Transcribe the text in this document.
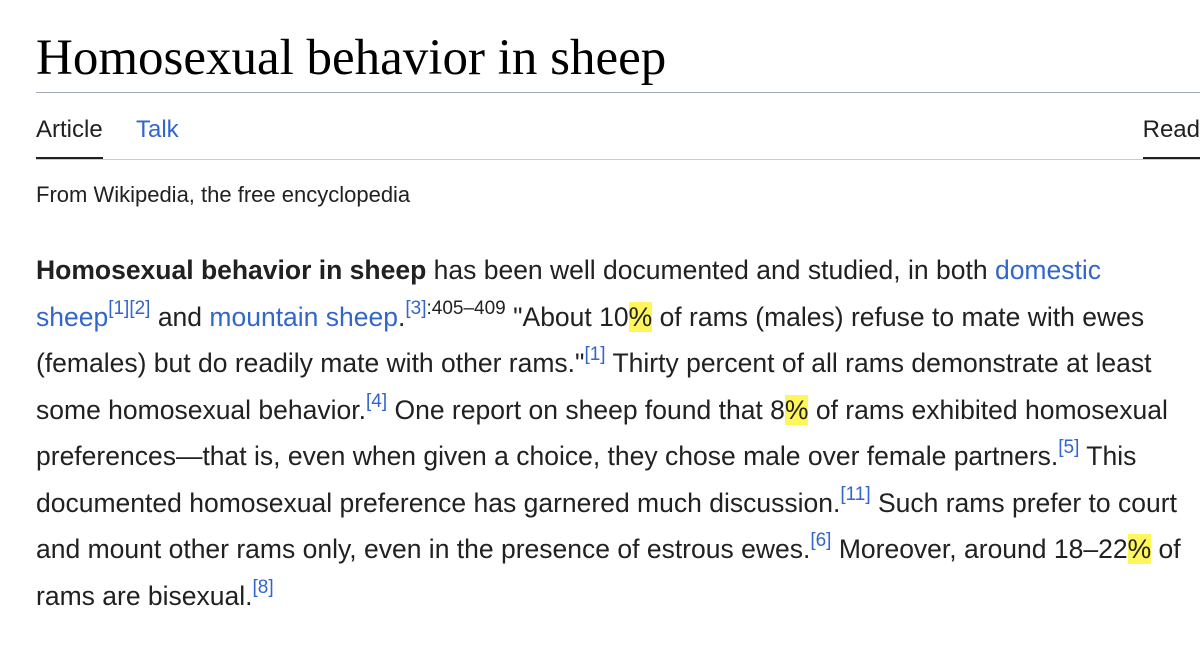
Homosexual behavior in sheep
Article Talk	Read
From Wikipedia, the free encyclopedia

Homosexual behavior in sheep has been well documented and studied, in both domestic sheep[1][2] and mountain sheep.$^{[3]:405-409}$ "About 10% of rams (males) refuse to mate with ewes (females) but do readily mate with other rams."[1] Thirty percent of all rams demonstrate at least some homosexual behavior.[4] One report on sheep found that 8% of rams exhibited homosexual preferences—that is, even when given a choice, they chose male over female partners.[5] This documented homosexual preference has garnered much discussion.[11] Such rams prefer to court and mount other rams only, even in the presence of estrous ewes.[6] Moreover, around 18–22% of rams are bisexual.[8]
